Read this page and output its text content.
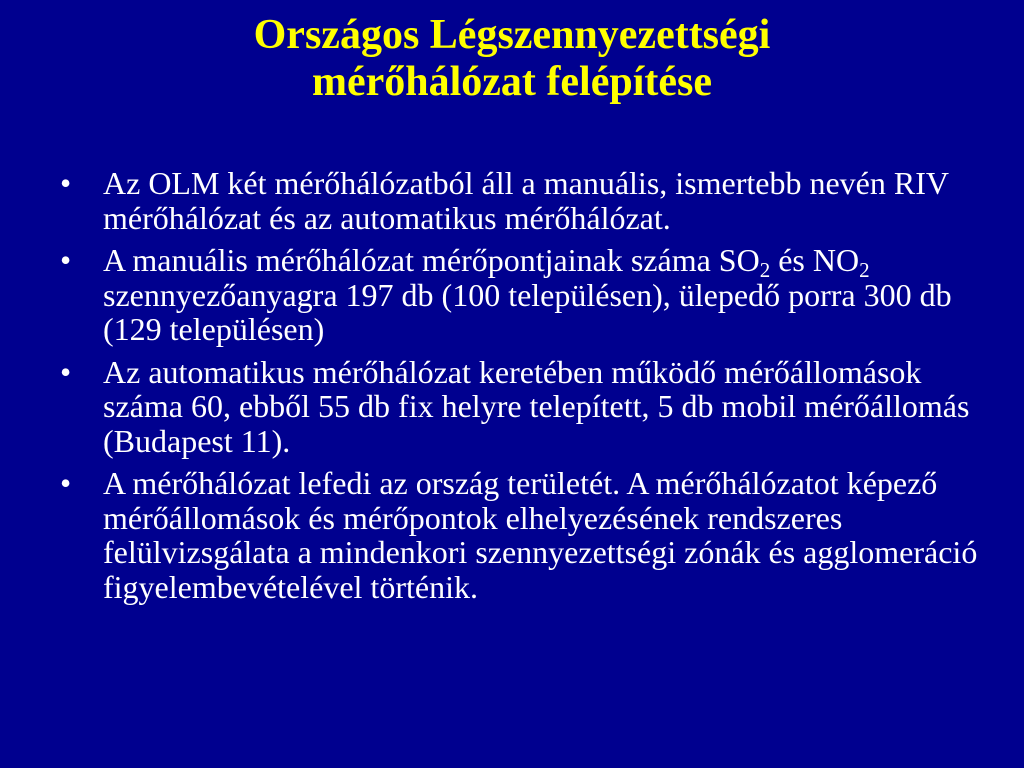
Országos Légszennyezettségi
mérőhálózat felépítése
• Az OLM két mérőhálózatból áll a manuális, ismertebb nevén RIV mérőhálózat és az automatikus mérőhálózat.
• A manuális mérőhálózat mérőpontjainak száma $SO_2$ és $NO_2$ szennyezőanyagra 197 db (100 településen), ülepedő porra 300 db (129 településen)
• Az automatikus mérőhálózat keretében működő mérőállomások száma 60, ebből 55 db fix helyre telepített, 5 db mobil mérőállomás (Budapest 11).
• A mérőhálózat lefedi az ország területét. A mérőhálózatot képező mérőállomások és mérőpontok elhelyezésének rendszeres felülvizsgálata a mindenkori szennyezettségi zónák és agglomeráció figyelembevételével történik.
